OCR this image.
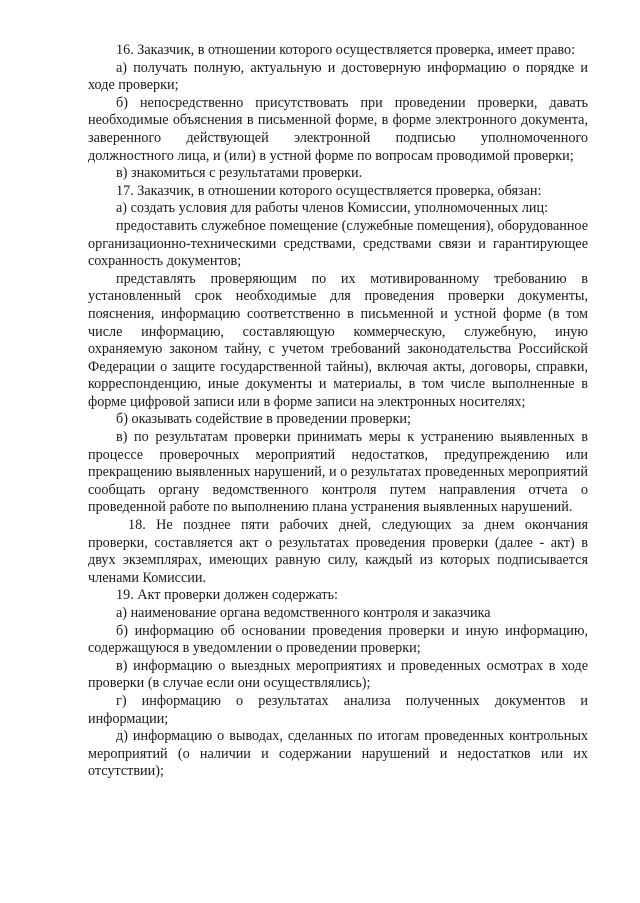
16. Заказчик, в отношении которого осуществляется проверка, имеет право:

а) получать полную, актуальную и достоверную информацию о порядке и ходе проверки;

б) непосредственно присутствовать при проведении проверки, давать необходимые объяснения в письменной форме, в форме электронного документа, заверенного действующей электронной подписью уполномоченного должностного лица, и (или) в устной форме по вопросам проводимой проверки;

в) знакомиться с результатами проверки.

17. Заказчик, в отношении которого осуществляется проверка, обязан:

а) создать условия для работы членов Комиссии, уполномоченных лиц:

предоставить служебное помещение (служебные помещения), оборудованное организационно-техническими средствами, средствами связи и гарантирующее сохранность документов;

представлять проверяющим по их мотивированному требованию в установленный срок необходимые для проведения проверки документы, пояснения, информацию соответственно в письменной и устной форме (в том числе информацию, составляющую коммерческую, служебную, иную охраняемую законом тайну, с учетом требований законодательства Российской Федерации о защите государственной тайны), включая акты, договоры, справки, корреспонденцию, иные документы и материалы, в том числе выполненные в форме цифровой записи или в форме записи на электронных носителях;

б) оказывать содействие в проведении проверки;

в) по результатам проверки принимать меры к устранению выявленных в процессе проверочных мероприятий недостатков, предупреждению или прекращению выявленных нарушений, и о результатах проведенных мероприятий сообщать органу ведомственного контроля путем направления отчета о проведенной работе по выполнению плана устранения выявленных нарушений.

18. Не позднее пяти рабочих дней, следующих за днем окончания проверки, составляется акт о результатах проведения проверки (далее - акт) в двух экземплярах, имеющих равную силу, каждый из которых подписывается членами Комиссии.

19. Акт проверки должен содержать:

а) наименование органа ведомственного контроля и заказчика

б) информацию об основании проведения проверки и иную информацию, содержащуюся в уведомлении о проведении проверки;

в) информацию о выездных мероприятиях и проведенных осмотрах в ходе проверки (в случае если они осуществлялись);

г) информацию о результатах анализа полученных документов и информации;

д) информацию о выводах, сделанных по итогам проведенных контрольных мероприятий (о наличии и содержании нарушений и недостатков или их отсутствии);
